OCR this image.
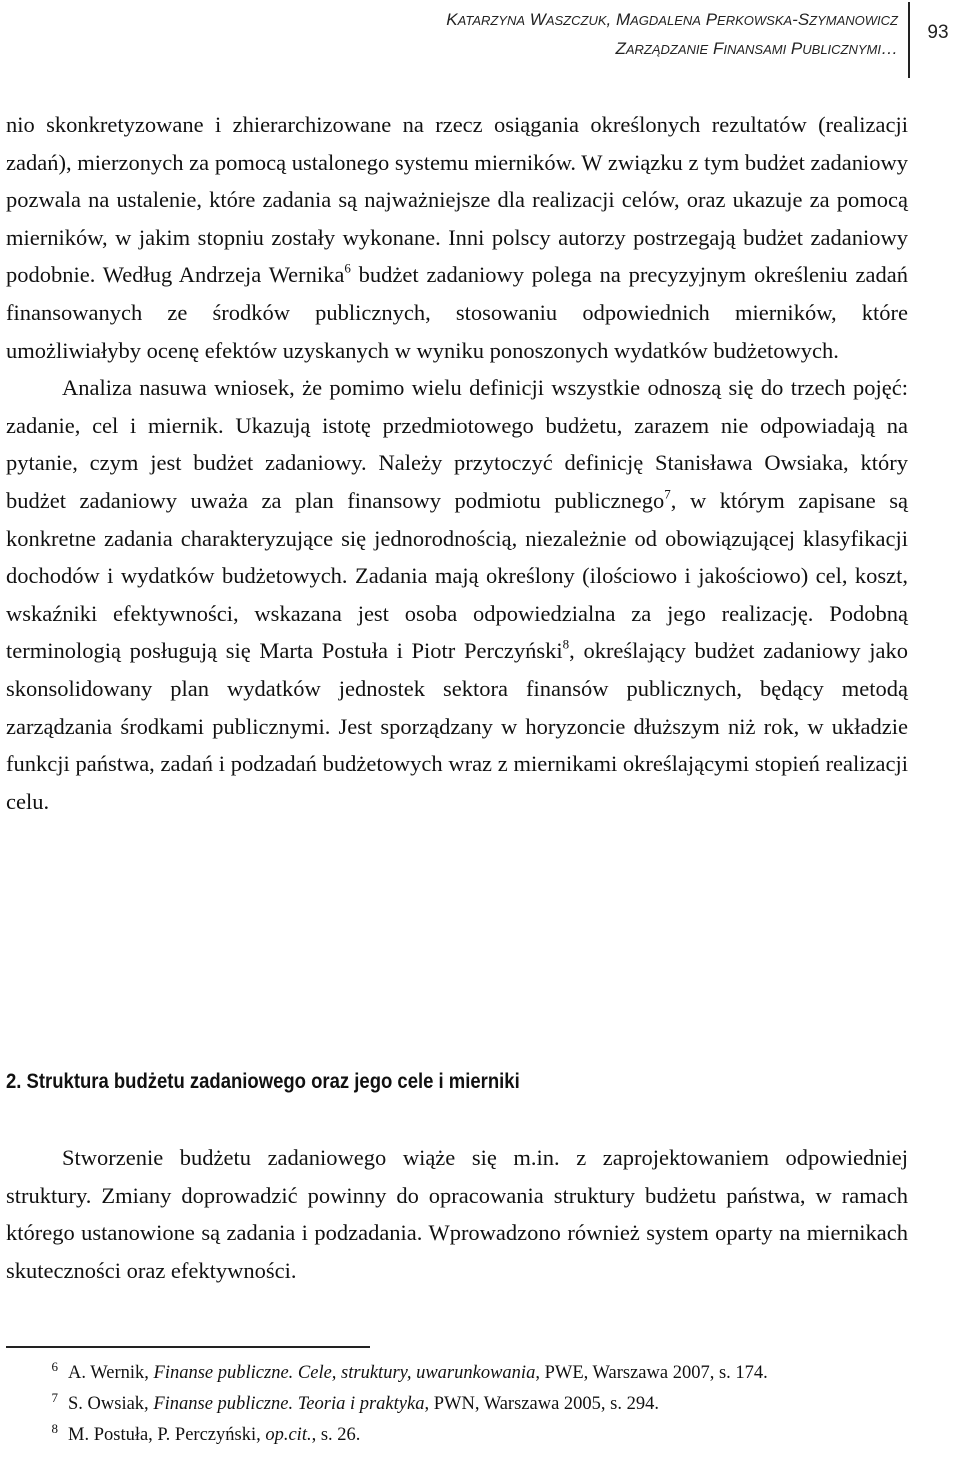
KATARZYNA WASZCZUK, MAGDALENA PERKOWSKA-SZYMANOWICZ
ZARZĄDZANIE FINANSAMI PUBLICZNYMI…
93

nio skonkretyzowane i zhierarchizowane na rzecz osiągania określonych rezultatów (realizacji zadań), mierzonych za pomocą ustalonego systemu mierników. W związku z tym budżet zadaniowy pozwala na ustalenie, które zadania są najważniejsze dla realizacji celów, oraz ukazuje za pomocą mierników, w jakim stopniu zostały wykonane. Inni polscy autorzy postrzegają budżet zadaniowy podobnie. Według Andrzeja Wernika$^6$ budżet zadaniowy polega na precyzyjnym określeniu zadań finansowanych ze środków publicznych, stosowaniu odpowiednich mierników, które umożliwiałyby ocenę efektów uzyskanych w wyniku ponoszonych wydatków budżetowych.

Analiza nasuwa wniosek, że pomimo wielu definicji wszystkie odnoszą się do trzech pojęć: zadanie, cel i miernik. Ukazują istotę przedmiotowego budżetu, zarazem nie odpowiadają na pytanie, czym jest budżet zadaniowy. Należy przytoczyć definicję Stanisława Owsiaka, który budżet zadaniowy uważa za plan finansowy podmiotu publicznego$^7$, w którym zapisane są konkretne zadania charakteryzujące się jednorodnością, niezależnie od obowiązującej klasyfikacji dochodów i wydatków budżetowych. Zadania mają określony (ilościowo i jakościowo) cel, koszt, wskaźniki efektywności, wskazana jest osoba odpowiedzialna za jego realizację. Podobną terminologią posługują się Marta Postuła i Piotr Perczyński$^8$, określający budżet zadaniowy jako skonsolidowany plan wydatków jednostek sektora finansów publicznych, będący metodą zarządzania środkami publicznymi. Jest sporządzany w horyzoncie dłuższym niż rok, w układzie funkcji państwa, zadań i podzadań budżetowych wraz z miernikami określającymi stopień realizacji celu.

2. Struktura budżetu zadaniowego oraz jego cele i mierniki

Stworzenie budżetu zadaniowego wiąże się m.in. z zaprojektowaniem odpowiedniej struktury. Zmiany doprowadzić powinny do opracowania struktury budżetu państwa, w ramach którego ustanowione są zadania i podzadania. Wprowadzono również system oparty na miernikach skuteczności oraz efektywności.

6 A. Wernik, Finanse publiczne. Cele, struktury, uwarunkowania, PWE, Warszawa 2007, s. 174.

7 S. Owsiak, Finanse publiczne. Teoria i praktyka, PWN, Warszawa 2005, s. 294.

8 M. Postuła, P. Perczyński, op.cit., s. 26.
